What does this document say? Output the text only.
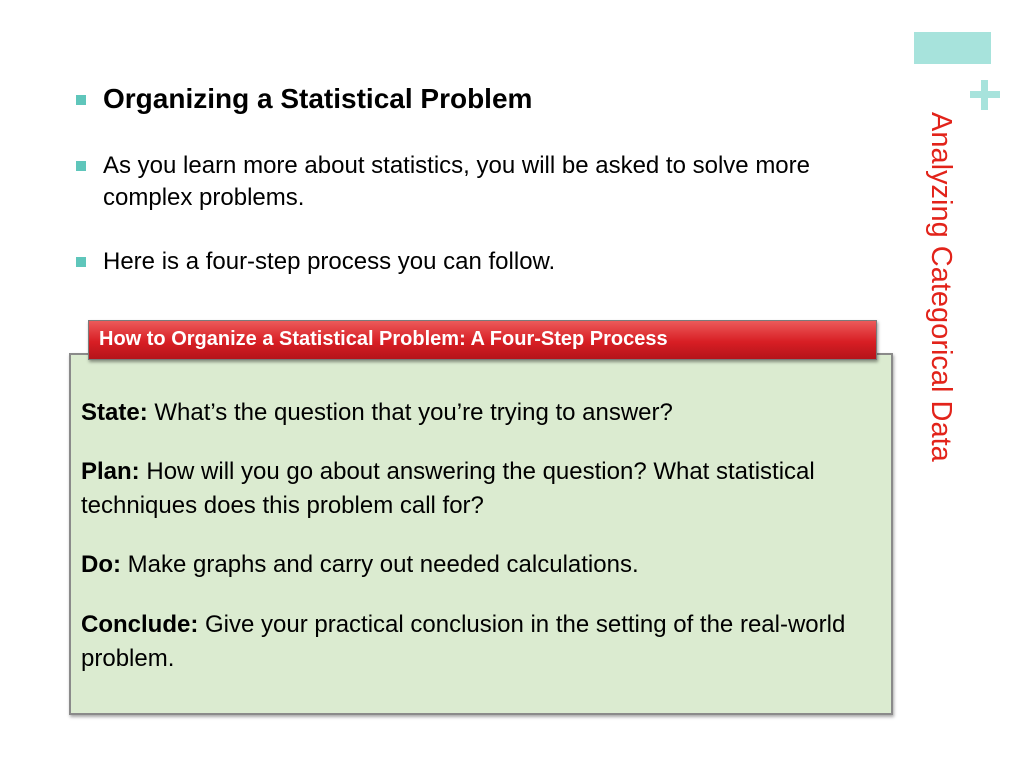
Analyzing Categorical Data
Organizing a Statistical Problem
As you learn more about statistics, you will be asked to solve more complex problems.
Here is a four-step process you can follow.
How to Organize a Statistical Problem: A Four-Step Process
State: What’s the question that you’re trying to answer?
Plan: How will you go about answering the question? What statistical techniques does this problem call for?
Do: Make graphs and carry out needed calculations.
Conclude: Give your practical conclusion in the setting of the real-world problem.
